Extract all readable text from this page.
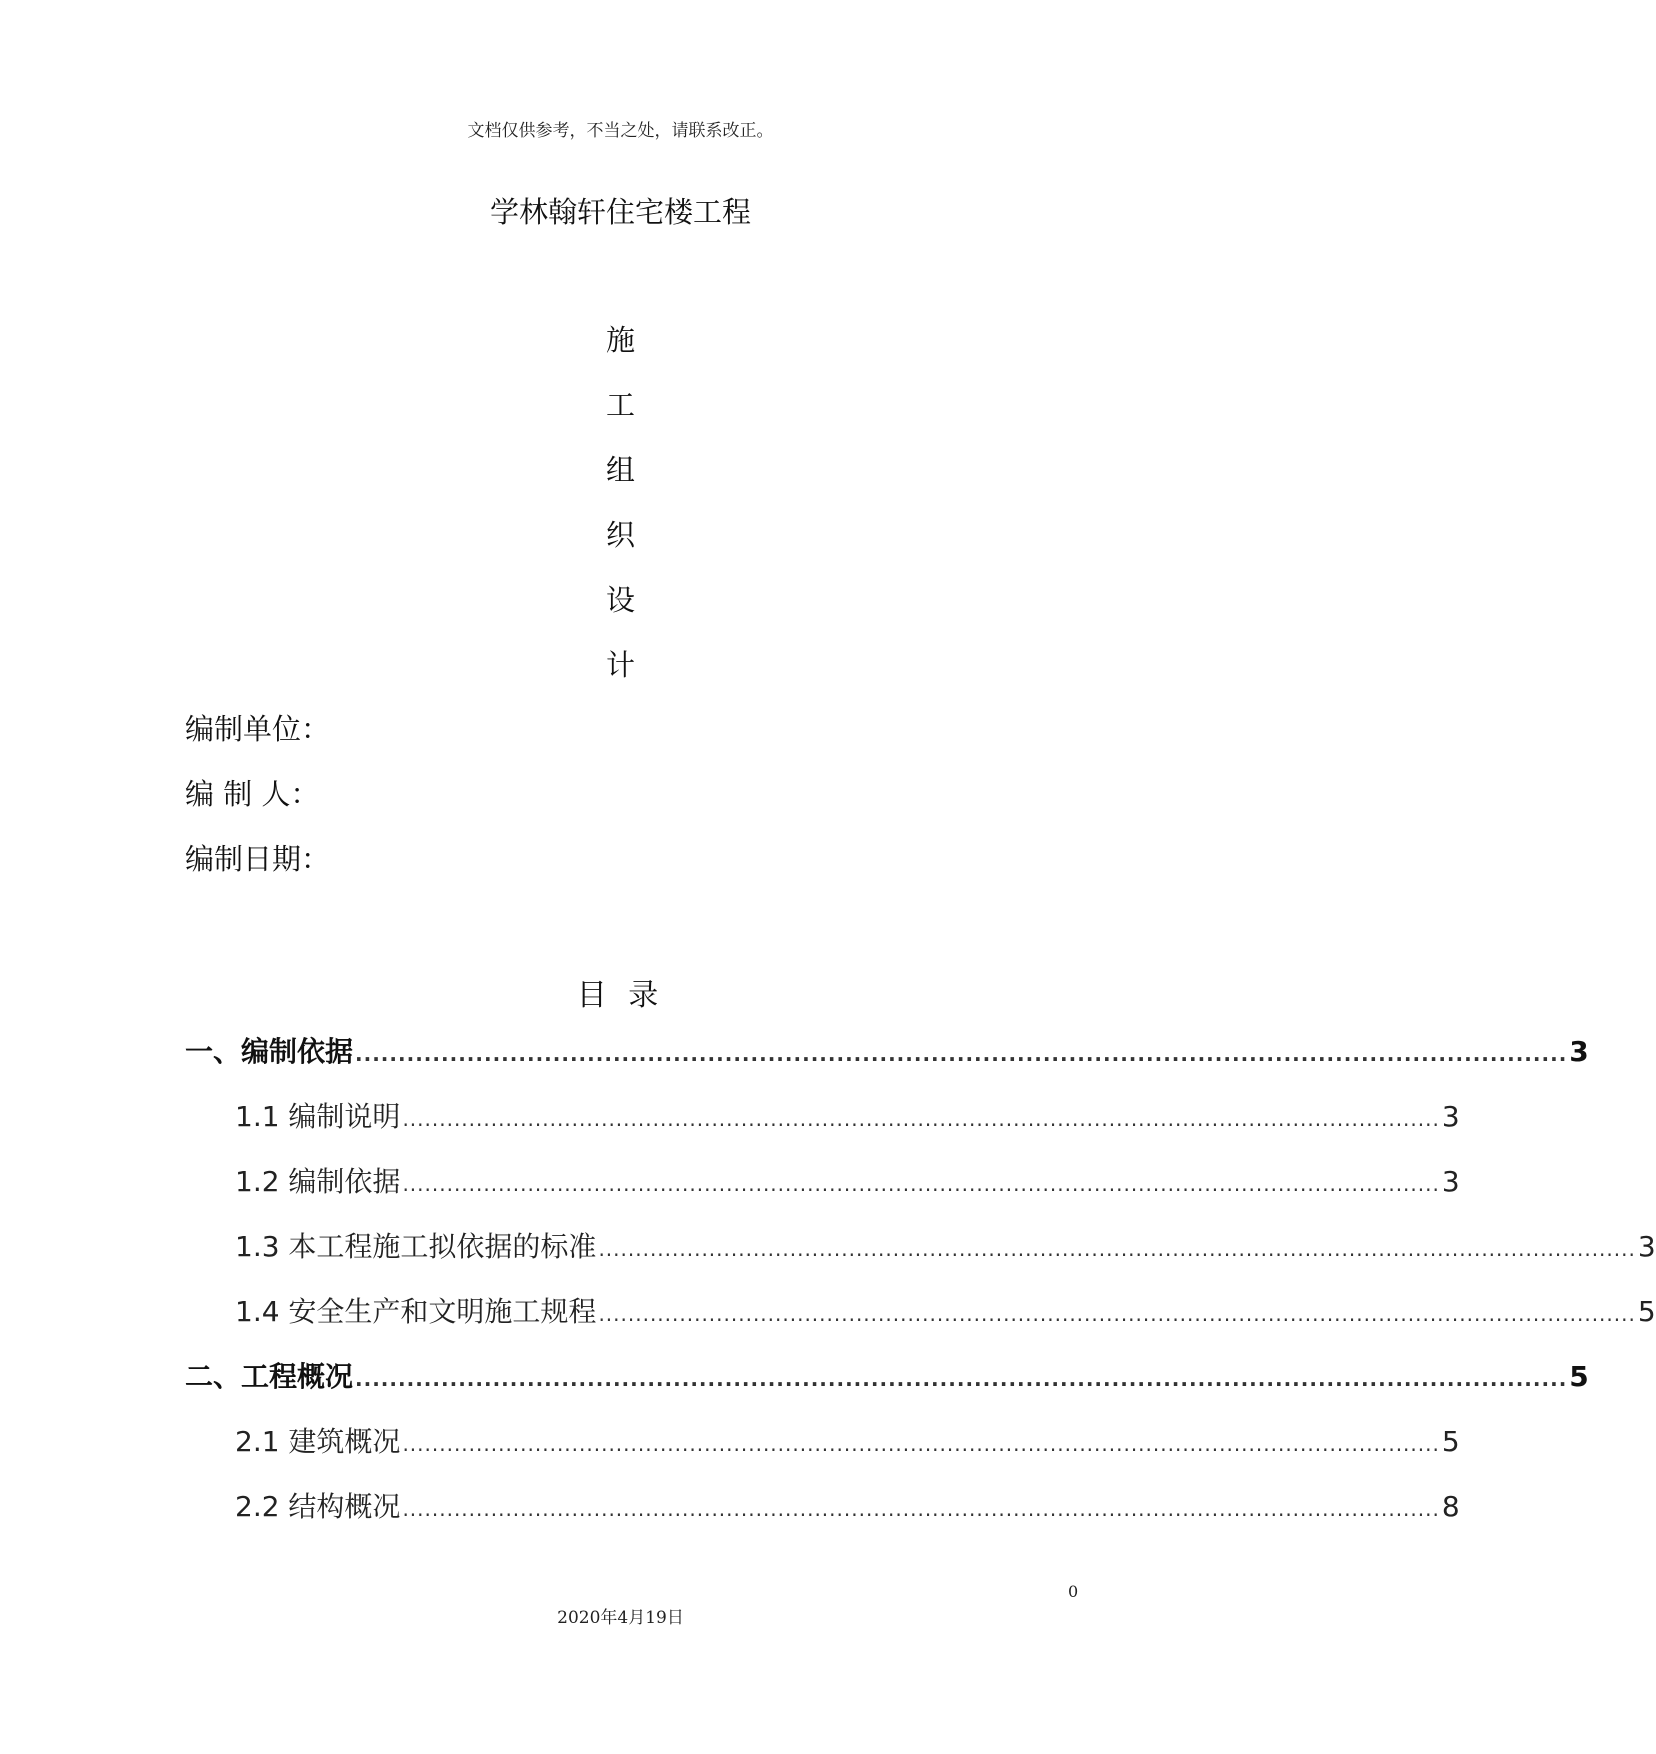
文档仅供参考，不当之处，请联系改正。
学林翰轩住宅楼工程
施
工
组
织
设
计
编制单位：
编 制 人：
编制日期：
目 录
一、编制依据 ............................................................................................................................................. 3
1.1 编制说明 ............................................................................................................................................. 3
1.2 编制依据 ............................................................................................................................................. 3
1.3 本工程施工拟依据的标准 ............................................................................................................................................. 3
1.4 安全生产和文明施工规程 ............................................................................................................................................. 5
二、工程概况 ............................................................................................................................................. 5
2.1 建筑概况 ............................................................................................................................................. 5
2.2 结构概况 ............................................................................................................................................. 8
0
2020年4月19日
